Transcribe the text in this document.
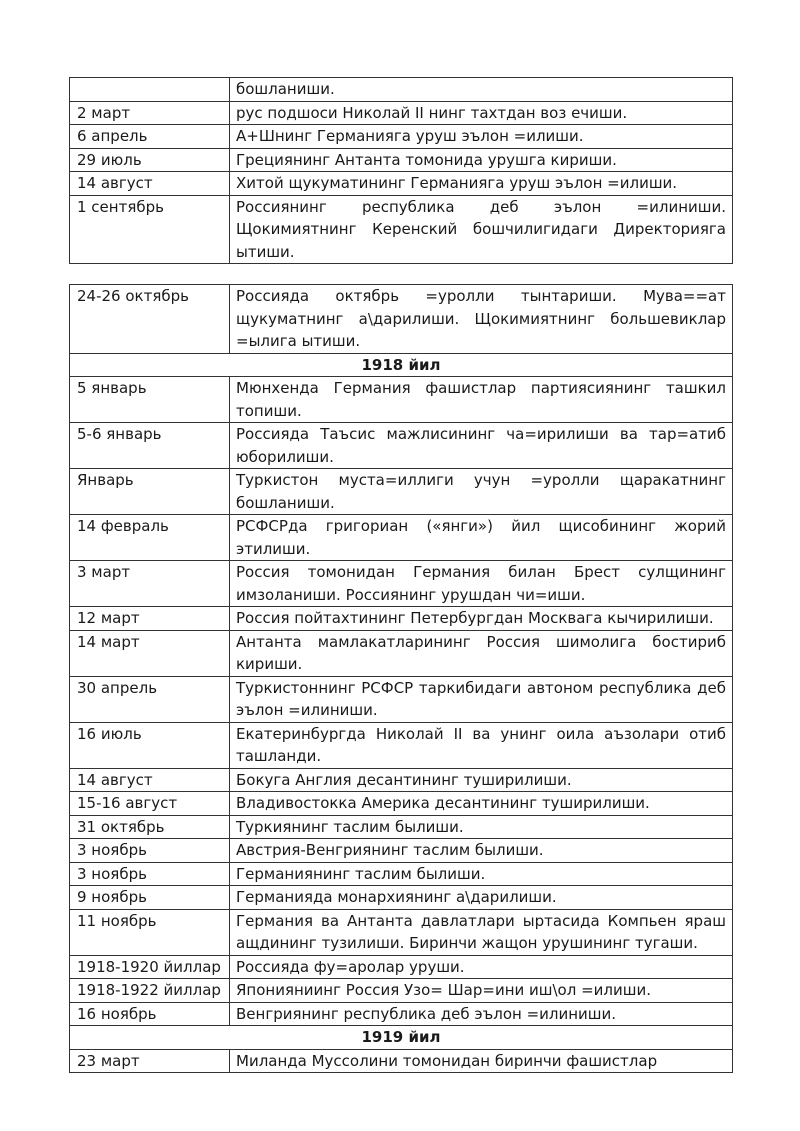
	бошланиши.
2 март	рус подшоси Николай II нинг тахтдан воз ечиши.
6 апрель	А+Шнинг Германияга уруш эълон =илиши.
29 июль	Грециянинг Антанта томонида урушга кириши.
14 август	Хитой щукуматининг Германияга уруш эълон =илиши.
1 сентябрь	Россиянинг республика деб эълон =илиниши. Щокимиятнинг Керенский бошчилигидаги Директорияга ытиши.
24-26 октябрь	Россияда октябрь =уролли тынтариши. Мува==ат щукуматнинг а\дарилиши. Щокимиятнинг большевиклар =ылига ытиши.
1918 йил	
5 январь	Мюнхенда Германия фашистлар партиясиянинг ташкил топиши.
5-6 январь	Россияда Таъсис мажлисининг ча=ирилиши ва тар=атиб юборилиши.
Январь	Туркистон муста=иллиги учун =уролли щаракатнинг бошланиши.
14 февраль	РСФСРда григориан («янги») йил щисобининг жорий этилиши.
3 март	Россия томонидан Германия билан Брест сулщининг имзоланиши. Россиянинг урушдан чи=иши.
12 март	Россия пойтахтининг Петербургдан Москвага кычирилиши.
14 март	Антанта мамлакатларининг Россия шимолига бостириб кириши.
30 апрель	Туркистоннинг РСФСР таркибидаги автоном республика деб эълон =илиниши.
16 июль	Екатеринбургда Николай II ва унинг оила аъзолари отиб ташланди.
14 август	Бокуга Англия десантининг туширилиши.
15-16 август	Владивостокка Америка десантининг туширилиши.
31 октябрь	Туркиянинг таслим былиши.
3 ноябрь	Австрия-Венгриянинг таслим былиши.
3 ноябрь	Германиянинг таслим былиши.
9 ноябрь	Германияда монархиянинг а\дарилиши.
11 ноябрь	Германия ва Антанта давлатлари ыртасида Компьен яраш ащдининг тузилиши. Биринчи жащон урушининг тугаши.
1918-1920 йиллар	Россияда фу=аролар уруши.
1918-1922 йиллар	Японияниинг Россия Узо= Шар=ини иш\ол =илиши.
16 ноябрь	Венгриянинг республика деб эълон =илиниши.
1919 йил	
23 март	Миланда Муссолини томонидан биринчи фашистлар
